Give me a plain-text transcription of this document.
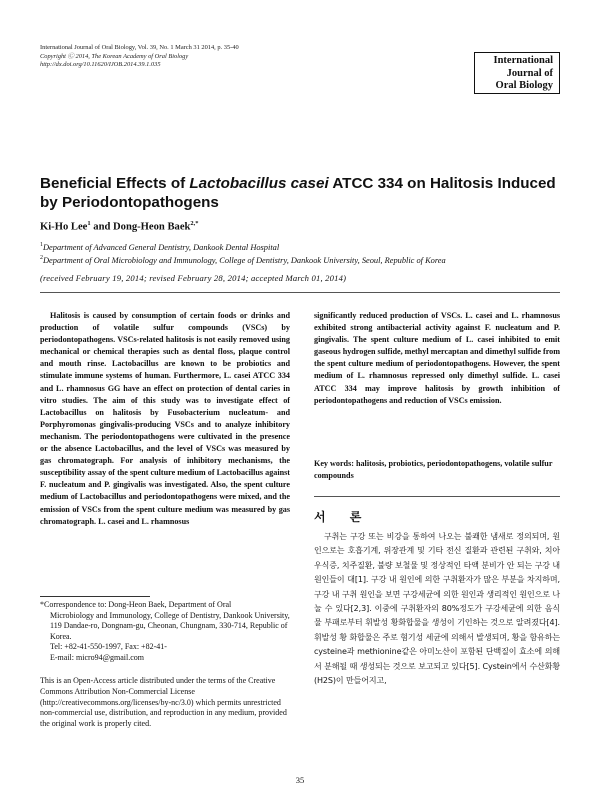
International Journal of Oral Biology, Vol. 39, No. 1 March 31 2014, p. 35-40
Copyright Ⓒ 2014, The Korean Academy of Oral Biology
http://dx.doi.org/10.11620/IJOB.2014.39.1.035	International
Journal of
Oral Biology
Beneficial Effects of Lactobacillus casei ATCC 334 on Halitosis Induced by Periodontopathogens
Ki-Ho Lee$^1$ and Dong-Heon Baek$^{2,*}$
$^1$Department of Advanced General Dentistry, Dankook Dental Hospital
$^2$Department of Oral Microbiology and Immunology, College of Dentistry, Dankook University, Seoul, Republic of Korea
(received February 19, 2014; revised February 28, 2014; accepted March 01, 2014)

Halitosis is caused by consumption of certain foods or drinks and production of volatile sulfur compounds (VSCs) by periodontopathogens. VSCs-related halitosis is not easily removed using mechanical or chemical therapies such as dental floss, plaque control and mouth rinse. Lactobacillus are known to be probiotics and stimulate immune systems of human. Furthermore, L. casei ATCC 334 and L. rhamnosus GG have an effect on protection of dental caries in vitro studies. The aim of this study was to investigate effect of Lactobacillus on halitosis by Fusobacterium nucleatum- and Porphyromonas gingivalis-producing VSCs and to analyze inhibitory mechanism. The periodontopathogens were cultivated in the presence or the absence Lactobacillus, and the level of VSCs was measured by gas chromatograph. For analysis of inhibitory mechanisms, the susceptibility assay of the spent culture medium of Lactobacillus against F. nucleatum and P. gingivalis was investigated. Also, the spent culture medium of Lactobacillus and periodontopathogens were mixed, and the emission of VSCs from the spent culture medium was measured by gas chromatograph. L. casei and L. rhamnosus

significantly reduced production of VSCs. L. casei and L. rhamnosus exhibited strong antibacterial activity against F. nucleatum and P. gingivalis. The spent culture medium of L. casei inhibited to emit gaseous hydrogen sulfide, methyl mercaptan and dimethyl sulfide from the spent culture medium of periodontopathogens. However, the spent medium of L. rhamnosus repressed only dimethyl sulfide. L. casei ATCC 334 may improve halitosis by growth inhibition of periodontopathogens and reduction of VSCs emission.

Key words: halitosis, probiotics, periodontopathogens, volatile sulfur compounds
서 론

구취는 구강 또는 비강을 통하여 나오는 불쾌한 냄새로 정의되며, 원인으로는 호흡기계, 위장관계 및 기타 전신 질환과 관련된 구취와, 치아우식증, 치주질환, 불량 보철물 및 정상적인 타액 분비가 안 되는 구강 내 원인들이 대[1]. 구강 내 원인에 의한 구취환자가 많은 부분을 차지하며, 구강 내 구취 원인을 보면 구강세균에 의한 원인과 생리적인 원인으로 나눌 수 있다[2,3]. 이중에 구취환자의 80%정도가 구강세균에 의한 음식물 부패로부터 휘발성 황화합물을 생성이 기인하는 것으로 알려졌다[4]. 휘발성 황 화합물은 주로 혐기성 세균에 의해서 발생되며, 황을 함유하는 cysteine과 methionine같은 아미노산이 포함된 단백질이 효소에 의해서 분해될 때 생성되는 것으로 보고되고 있다[5]. Cystein에서 수산화황(H2S)이 만들어지고,

*Correspondence to: Dong-Heon Baek, Department of Oral
Microbiology and Immunology, College of Dentistry, Dankook University, 119 Dandae-ro, Dongnam-gu, Cheonan, Chungnam, 330-714, Republic of Korea.
Tel: +82-41-550-1997, Fax: +82-41-
E-mail: micro94@gmail.com
This is an Open-Access article distributed under the terms of the Creative Commons Attribution Non-Commercial License (http://creativecommons.org/licenses/by-nc/3.0) which permits unrestricted non-commercial use, distribution, and reproduction in any medium, provided the original work is properly cited.
35
